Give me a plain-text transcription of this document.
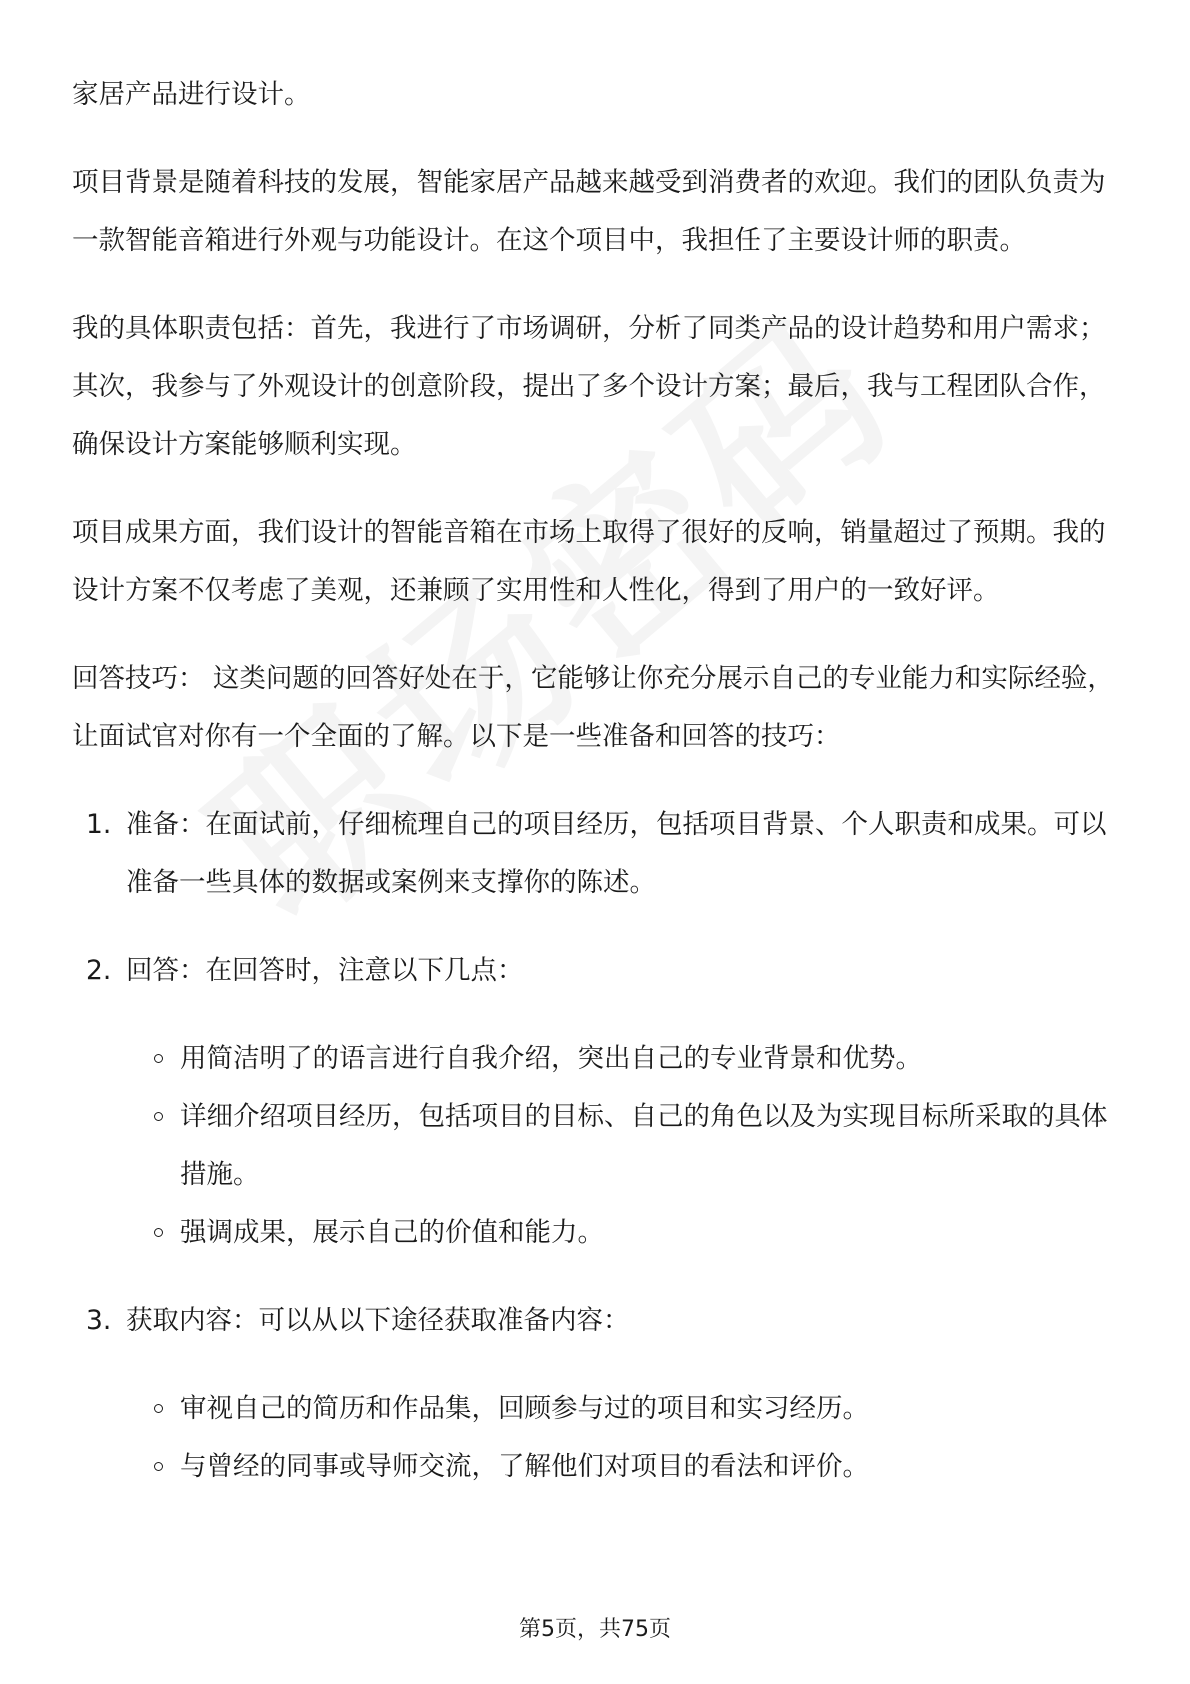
家居产品进行设计。

项目背景是随着科技的发展，智能家居产品越来越受到消费者的欢迎。我们的团队负责为一款智能音箱进行外观与功能设计。在这个项目中，我担任了主要设计师的职责。

我的具体职责包括：首先，我进行了市场调研，分析了同类产品的设计趋势和用户需求；其次，我参与了外观设计的创意阶段，提出了多个设计方案；最后，我与工程团队合作，确保设计方案能够顺利实现。

项目成果方面，我们设计的智能音箱在市场上取得了很好的反响，销量超过了预期。我的设计方案不仅考虑了美观，还兼顾了实用性和人性化，得到了用户的一致好评。

回答技巧： 这类问题的回答好处在于，它能够让你充分展示自己的专业能力和实际经验，让面试官对你有一个全面的了解。以下是一些准备和回答的技巧：

1. 准备：在面试前，仔细梳理自己的项目经历，包括项目背景、个人职责和成果。可以准备一些具体的数据或案例来支撑你的陈述。
2. 回答：在回答时，注意以下几点：
用简洁明了的语言进行自我介绍，突出自己的专业背景和优势。
详细介绍项目经历，包括项目的目标、自己的角色以及为实现目标所采取的具体措施。
强调成果，展示自己的价值和能力。
3. 获取内容：可以从以下途径获取准备内容：
审视自己的简历和作品集，回顾参与过的项目和实习经历。
与曾经的同事或导师交流，了解他们对项目的看法和评价。
第5页，共75页
